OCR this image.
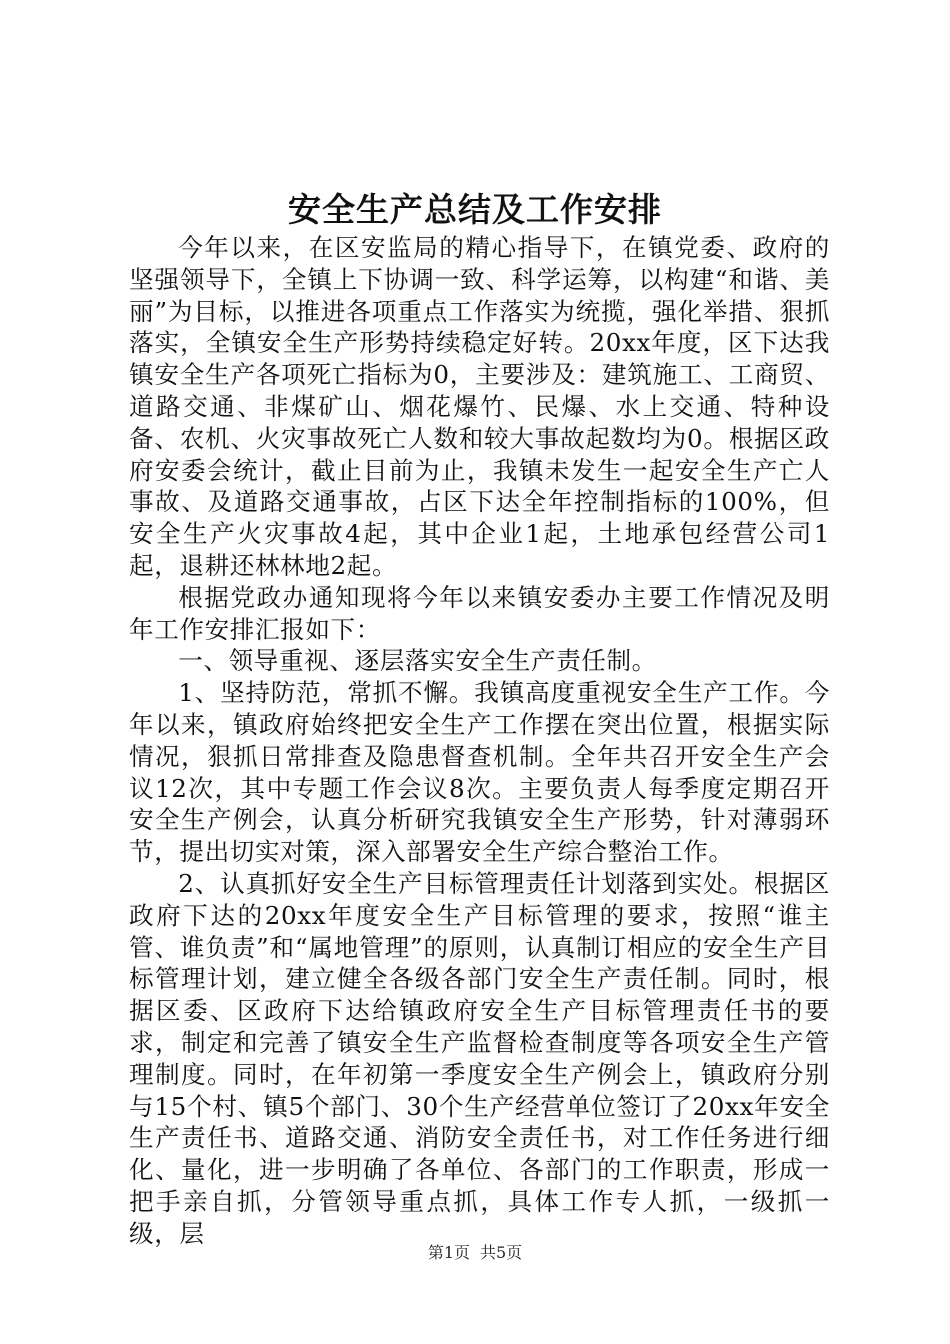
安全生产总结及工作安排

今年以来，在区安监局的精心指导下，在镇党委、政府的坚强领导下，全镇上下协调一致、科学运筹，以构建“和谐、美丽”为目标，以推进各项重点工作落实为统揽，强化举措、狠抓落实，全镇安全生产形势持续稳定好转。20xx年度，区下达我镇安全生产各项死亡指标为0，主要涉及：建筑施工、工商贸、道路交通、非煤矿山、烟花爆竹、民爆、水上交通、特种设备、农机、火灾事故死亡人数和较大事故起数均为0。根据区政府安委会统计，截止目前为止，我镇未发生一起安全生产亡人事故、及道路交通事故，占区下达全年控制指标的100%，但安全生产火灾事故4起，其中企业1起，土地承包经营公司1起，退耕还林林地2起。

根据党政办通知现将今年以来镇安委办主要工作情况及明年工作安排汇报如下：

一、领导重视、逐层落实安全生产责任制。

1、坚持防范，常抓不懈。我镇高度重视安全生产工作。今年以来，镇政府始终把安全生产工作摆在突出位置，根据实际情况，狠抓日常排查及隐患督查机制。全年共召开安全生产会议12次，其中专题工作会议8次。主要负责人每季度定期召开安全生产例会，认真分析研究我镇安全生产形势，针对薄弱环节，提出切实对策，深入部署安全生产综合整治工作。

2、认真抓好安全生产目标管理责任计划落到实处。根据区政府下达的20xx年度安全生产目标管理的要求，按照“谁主管、谁负责”和“属地管理”的原则，认真制订相应的安全生产目标管理计划，建立健全各级各部门安全生产责任制。同时，根据区委、区政府下达给镇政府安全生产目标管理责任书的要求，制定和完善了镇安全生产监督检查制度等各项安全生产管理制度。同时，在年初第一季度安全生产例会上，镇政府分别与15个村、镇5个部门、30个生产经营单位签订了20xx年安全生产责任书、道路交通、消防安全责任书，对工作任务进行细化、量化，进一步明确了各单位、各部门的工作职责，形成一把手亲自抓，分管领导重点抓，具体工作专人抓，一级抓一级，层

第1页 共5页
